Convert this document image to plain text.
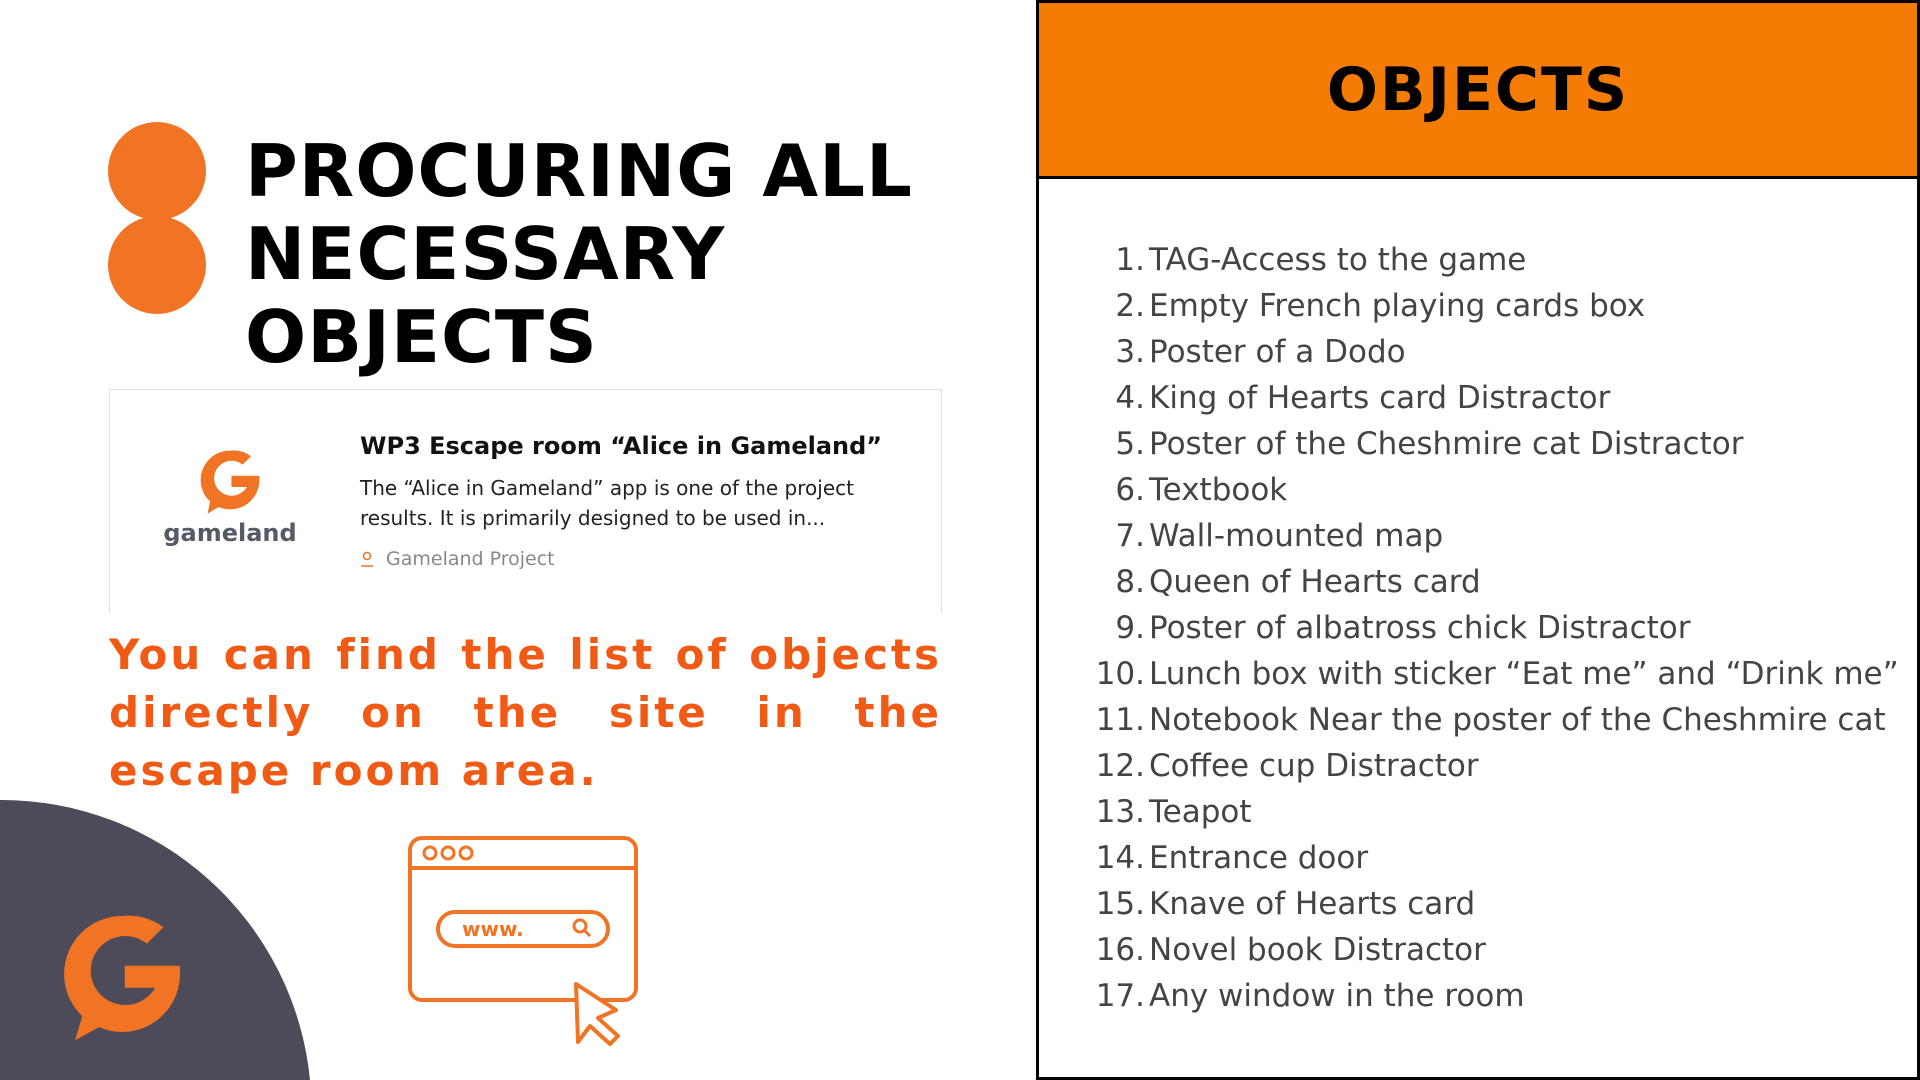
PROCURING ALL
NECESSARY
OBJECTS
gameland
WP3 Escape room “Alice in Gameland”
The “Alice in Gameland” app is one of the project results. It is primarily designed to be used in...
Gameland Project

You can find the list of objects directly on the site in the escape room area.

www.
OBJECTS
1. TAG-Access to the game
2. Empty French playing cards box
3. Poster of a Dodo
4. King of Hearts card Distractor
5. Poster of the Cheshmire cat Distractor
6. Textbook
7. Wall-mounted map
8. Queen of Hearts card
9. Poster of albatross chick Distractor
10. Lunch box with sticker “Eat me” and “Drink me”
11. Notebook Near the poster of the Cheshmire cat
12. Coffee cup Distractor
13. Teapot
14. Entrance door
15. Knave of Hearts card
16. Novel book Distractor
17. Any window in the room
